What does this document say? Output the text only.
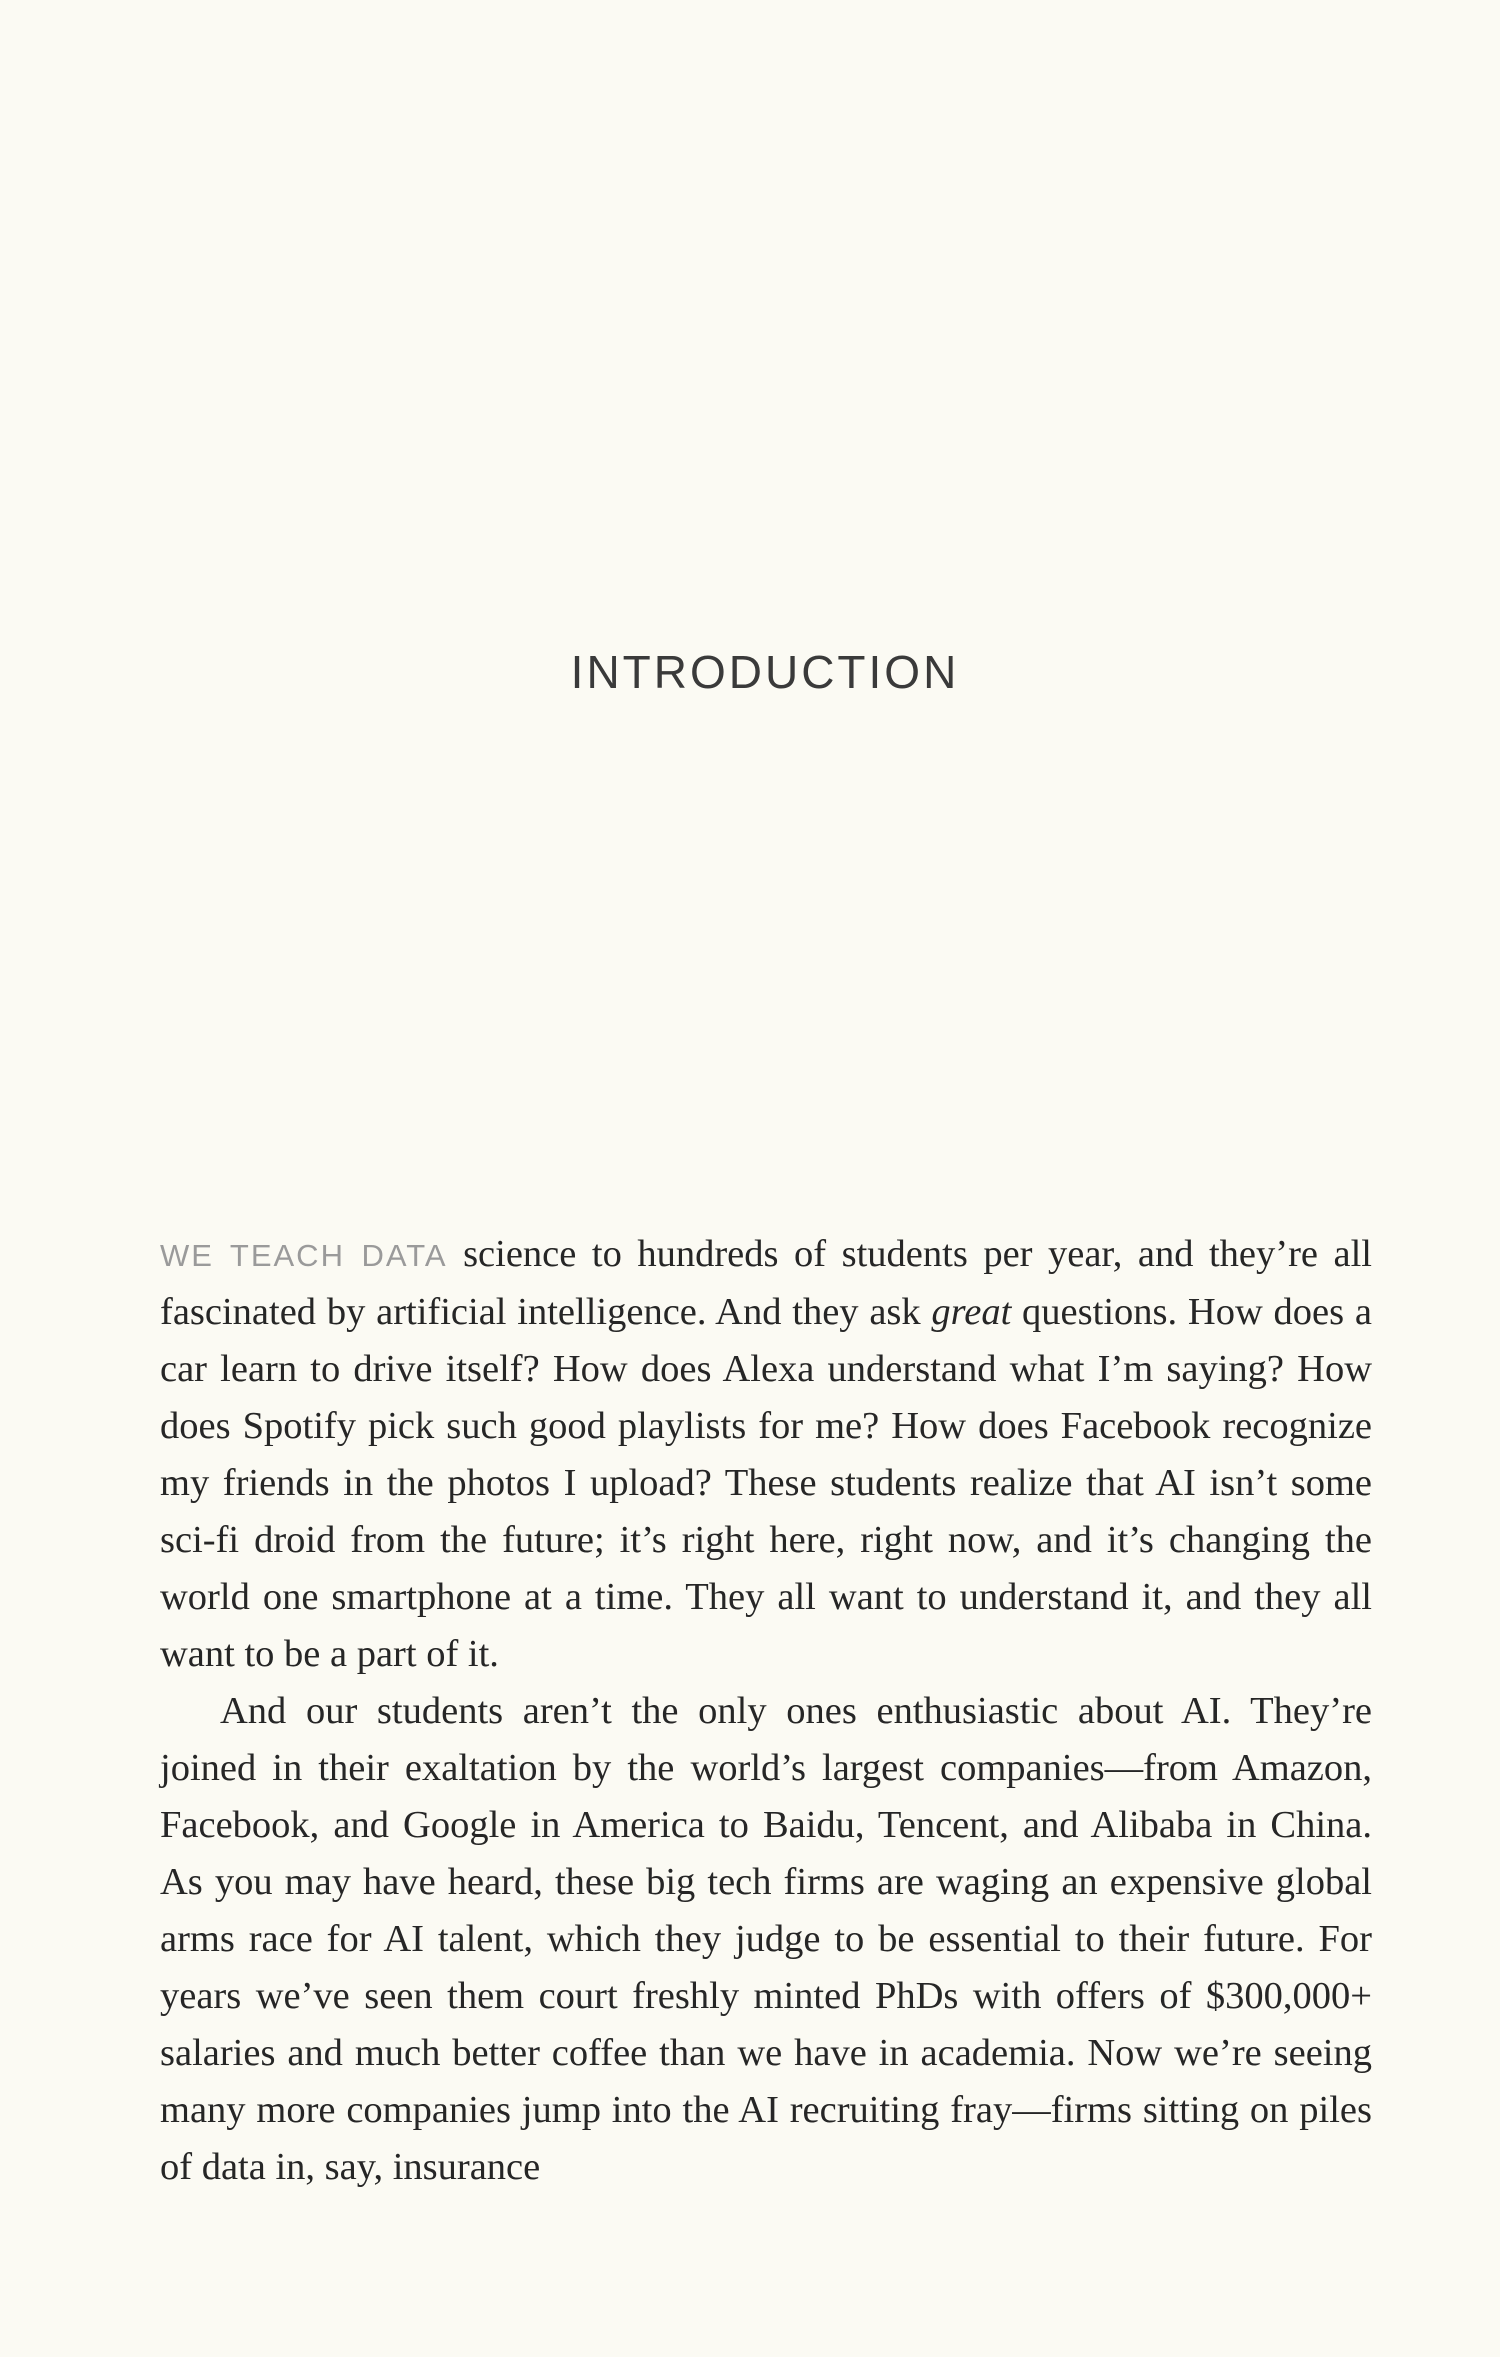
INTRODUCTION

WE TEACH DATA science to hundreds of students per year, and they’re all fascinated by artificial intelligence. And they ask great questions. How does a car learn to drive itself? How does Alexa understand what I’m saying? How does Spotify pick such good playlists for me? How does Facebook recognize my friends in the photos I upload? These students realize that AI isn’t some sci-fi droid from the future; it’s right here, right now, and it’s changing the world one smartphone at a time. They all want to understand it, and they all want to be a part of it.

And our students aren’t the only ones enthusiastic about AI. They’re joined in their exaltation by the world’s largest companies—from Amazon, Facebook, and Google in America to Baidu, Tencent, and Alibaba in China. As you may have heard, these big tech firms are waging an expensive global arms race for AI talent, which they judge to be essential to their future. For years we’ve seen them court freshly minted PhDs with offers of $300,000+ salaries and much better coffee than we have in academia. Now we’re seeing many more companies jump into the AI recruiting fray—firms sitting on piles of data in, say, insurance
